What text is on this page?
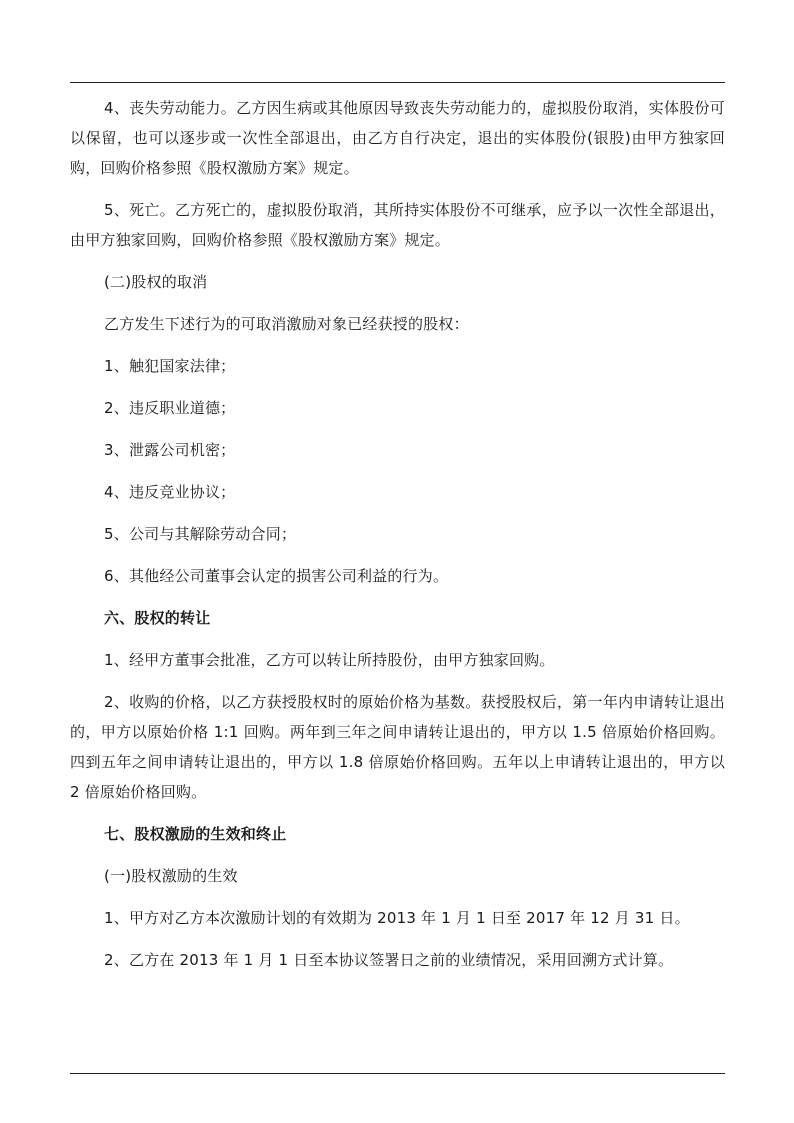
4、丧失劳动能力。乙方因生病或其他原因导致丧失劳动能力的，虚拟股份取消，实体股份可以保留，也可以逐步或一次性全部退出，由乙方自行决定，退出的实体股份(银股)由甲方独家回购，回购价格参照《股权激励方案》规定。

5、死亡。乙方死亡的，虚拟股份取消，其所持实体股份不可继承，应予以一次性全部退出，由甲方独家回购，回购价格参照《股权激励方案》规定。

(二)股权的取消

乙方发生下述行为的可取消激励对象已经获授的股权：

1、触犯国家法律；

2、违反职业道德；

3、泄露公司机密；

4、违反竞业协议；

5、公司与其解除劳动合同；

6、其他经公司董事会认定的损害公司利益的行为。

六、股权的转让

1、经甲方董事会批准，乙方可以转让所持股份，由甲方独家回购。

2、收购的价格，以乙方获授股权时的原始价格为基数。获授股权后，第一年内申请转让退出的，甲方以原始价格 1:1 回购。两年到三年之间申请转让退出的，甲方以 1.5 倍原始价格回购。四到五年之间申请转让退出的，甲方以 1.8 倍原始价格回购。五年以上申请转让退出的，甲方以 2 倍原始价格回购。

七、股权激励的生效和终止

(一)股权激励的生效

1、甲方对乙方本次激励计划的有效期为 2013 年 1 月 1 日至 2017 年 12 月 31 日。

2、乙方在 2013 年 1 月 1 日至本协议签署日之前的业绩情况，采用回溯方式计算。
